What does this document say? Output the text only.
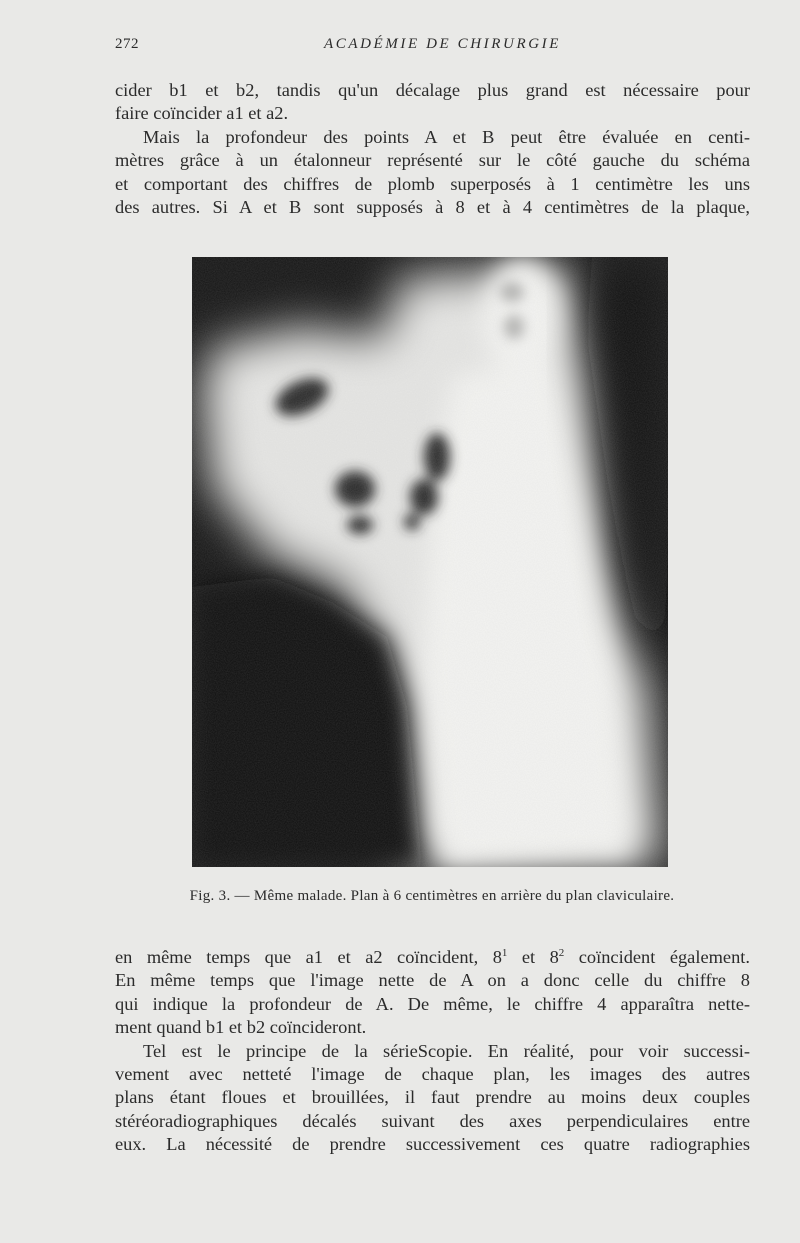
272	ACADÉMIE DE CHIRURGIE
cider b1 et b2, tandis qu'un décalage plus grand est nécessaire pour
faire coïncider a1 et a2.
Mais la profondeur des points A et B peut être évaluée en centi-
mètres grâce à un étalonneur représenté sur le côté gauche du schéma
et comportant des chiffres de plomb superposés à 1 centimètre les uns
des autres. Si A et B sont supposés à 8 et à 4 centimètres de la plaque,
Fig. 3. — Même malade. Plan à 6 centimètres en arrière du plan claviculaire.
en même temps que a1 et a2 coïncident, $8^1$ et $8^2$ coïncident également.
En même temps que l'image nette de A on a donc celle du chiffre 8
qui indique la profondeur de A. De même, le chiffre 4 apparaîtra nette-
ment quand b1 et b2 coïncideront.
Tel est le principe de la sérieScopie. En réalité, pour voir successi-
vement avec netteté l'image de chaque plan, les images des autres
plans étant floues et brouillées, il faut prendre au moins deux couples
stéréoradiographiques décalés suivant des axes perpendiculaires entre
eux. La nécessité de prendre successivement ces quatre radiographies
